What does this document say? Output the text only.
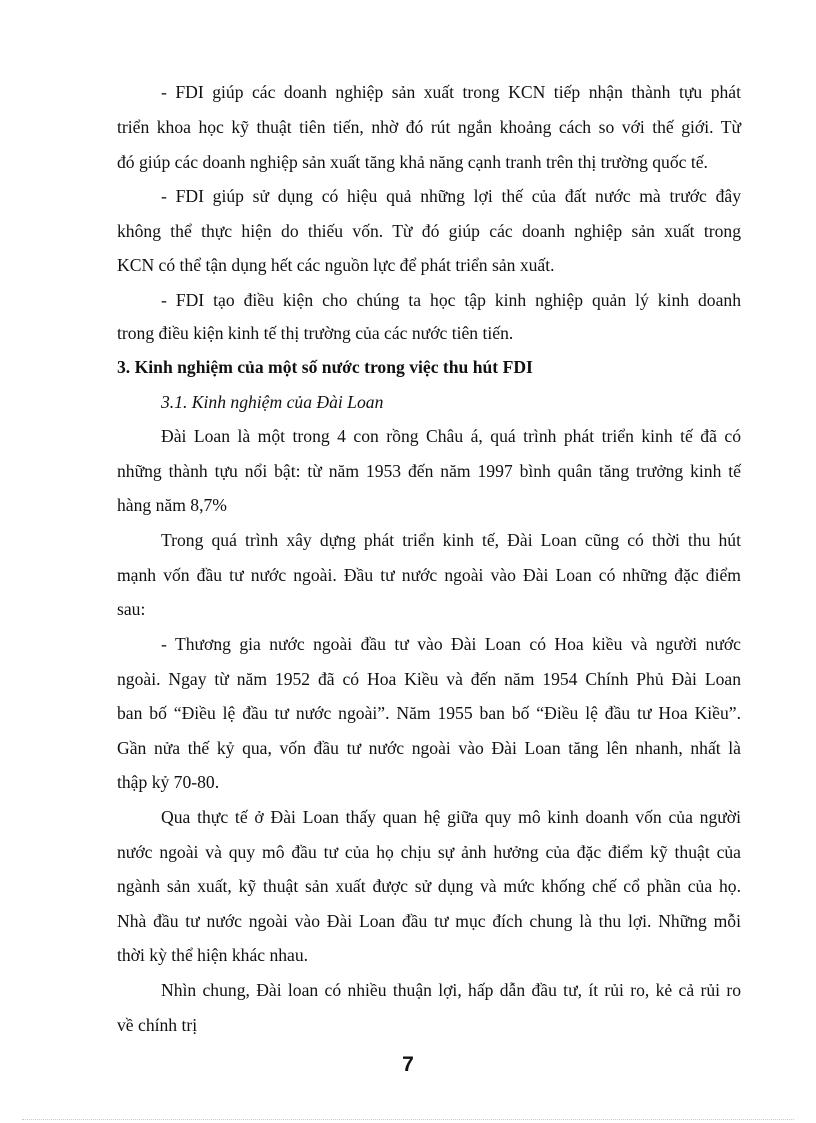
- FDI giúp các doanh nghiệp sản xuất trong KCN tiếp nhận thành tựu phát
triển khoa học kỹ thuật tiên tiến, nhờ đó rút ngắn khoảng cách so với thế giới. Từ
đó giúp các doanh nghiệp sản xuất tăng khả năng cạnh tranh trên thị trường quốc tế.
- FDI giúp sử dụng có hiệu quả những lợi thế của đất nước mà trước đây
không thể thực hiện do thiếu vốn. Từ đó giúp các doanh nghiệp sản xuất trong
KCN có thể tận dụng hết các nguồn lực để phát triển sản xuất.
- FDI tạo điều kiện cho chúng ta học tập kinh nghiệp quản lý kinh doanh
trong điều kiện kinh tế thị trường của các nước tiên tiến.
3. Kinh nghiệm của một số nước trong việc thu hút FDI
3.1. Kinh nghiệm của Đài Loan
Đài Loan là một trong 4 con rồng Châu á, quá trình phát triển kinh tế đã có
những thành tựu nổi bật: từ năm 1953 đến năm 1997 bình quân tăng trưởng kinh tế
hàng năm 8,7%
Trong quá trình xây dựng phát triển kinh tế, Đài Loan cũng có thời thu hút
mạnh vốn đầu tư nước ngoài. Đầu tư nước ngoài vào Đài Loan có những đặc điểm
sau:
- Thương gia nước ngoài đầu tư vào Đài Loan có Hoa kiều và người nước
ngoài. Ngay từ năm 1952 đã có Hoa Kiều và đến năm 1954 Chính Phủ Đài Loan
ban bố “Điều lệ đầu tư nước ngoài”. Năm 1955 ban bố “Điều lệ đầu tư Hoa Kiều”.
Gần nửa thế kỷ qua, vốn đầu tư nước ngoài vào Đài Loan tăng lên nhanh, nhất là
thập kỷ 70-80.
Qua thực tế ở Đài Loan thấy quan hệ giữa quy mô kinh doanh vốn của người
nước ngoài và quy mô đầu tư của họ chịu sự ảnh hưởng của đặc điểm kỹ thuật của
ngành sản xuất, kỹ thuật sản xuất được sử dụng và mức khống chế cổ phần của họ.
Nhà đầu tư nước ngoài vào Đài Loan đầu tư mục đích chung là thu lợi. Những mỗi
thời kỳ thể hiện khác nhau.
Nhìn chung, Đài loan có nhiều thuận lợi, hấp dẫn đầu tư, ít rủi ro, kẻ cả rủi ro
về chính trị
7
